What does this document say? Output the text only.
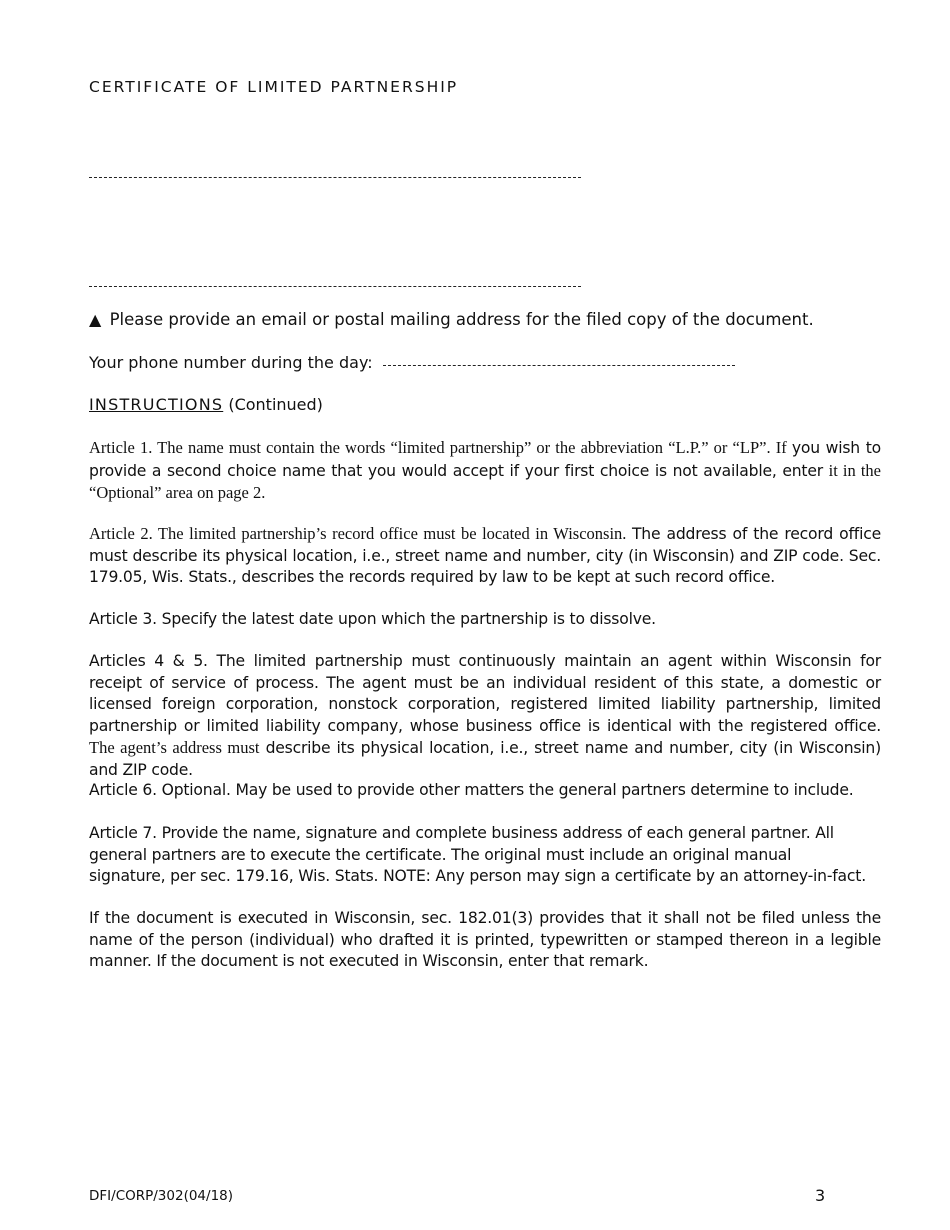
CERTIFICATE OF LIMITED PARTNERSHIP
▲ Please provide an email or postal mailing address for the filed copy of the document.
Your phone number during the day:
INSTRUCTIONS (Continued)
Article 1. The name must contain the words “limited partnership” or the abbreviation “L.P.” or “LP”. If you wish to provide a second choice name that you would accept if your first choice is not available, enter it in the “Optional” area on page 2.
Article 2. The limited partnership’s record office must be located in Wisconsin. The address of the record office must describe its physical location, i.e., street name and number, city (in Wisconsin) and ZIP code. Sec. 179.05, Wis. Stats., describes the records required by law to be kept at such record office.
Article 3. Specify the latest date upon which the partnership is to dissolve.
Articles 4 & 5. The limited partnership must continuously maintain an agent within Wisconsin for receipt of service of process. The agent must be an individual resident of this state, a domestic or licensed foreign corporation, nonstock corporation, registered limited liability partnership, limited partnership or limited liability company, whose business office is identical with the registered office. The agent’s address must describe its physical location, i.e., street name and number, city (in Wisconsin) and ZIP code.
Article 6. Optional. May be used to provide other matters the general partners determine to include.
Article 7. Provide the name, signature and complete business address of each general partner. All
general partners are to execute the certificate. The original must include an original manual
signature, per sec. 179.16, Wis. Stats. NOTE: Any person may sign a certificate by an attorney-in-fact.
If the document is executed in Wisconsin, sec. 182.01(3) provides that it shall not be filed unless the name of the person (individual) who drafted it is printed, typewritten or stamped thereon in a legible manner. If the document is not executed in Wisconsin, enter that remark.
DFI/CORP/302(04/18)	3
